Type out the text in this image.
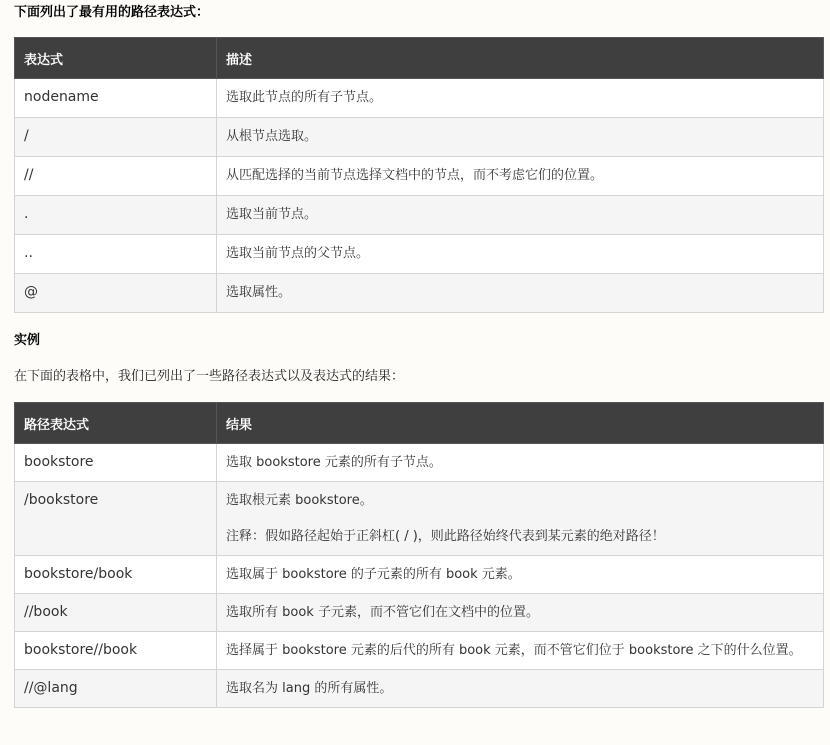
下面列出了最有用的路径表达式：

表达式	描述
nodename	选取此节点的所有子节点。
/	从根节点选取。
//	从匹配选择的当前节点选择文档中的节点，而不考虑它们的位置。
.	选取当前节点。
..	选取当前节点的父节点。
@	选取属性。

实例

在下面的表格中，我们已列出了一些路径表达式以及表达式的结果：

路径表达式	结果
bookstore	选取 bookstore 元素的所有子节点。
/bookstore	选取根元素 bookstore。
注释：假如路径起始于正斜杠( / )，则此路径始终代表到某元素的绝对路径！

bookstore/book	选取属于 bookstore 的子元素的所有 book 元素。
//book	选取所有 book 子元素，而不管它们在文档中的位置。
bookstore//book	选择属于 bookstore 元素的后代的所有 book 元素，而不管它们位于 bookstore 之下的什么位置。
//@lang	选取名为 lang 的所有属性。
